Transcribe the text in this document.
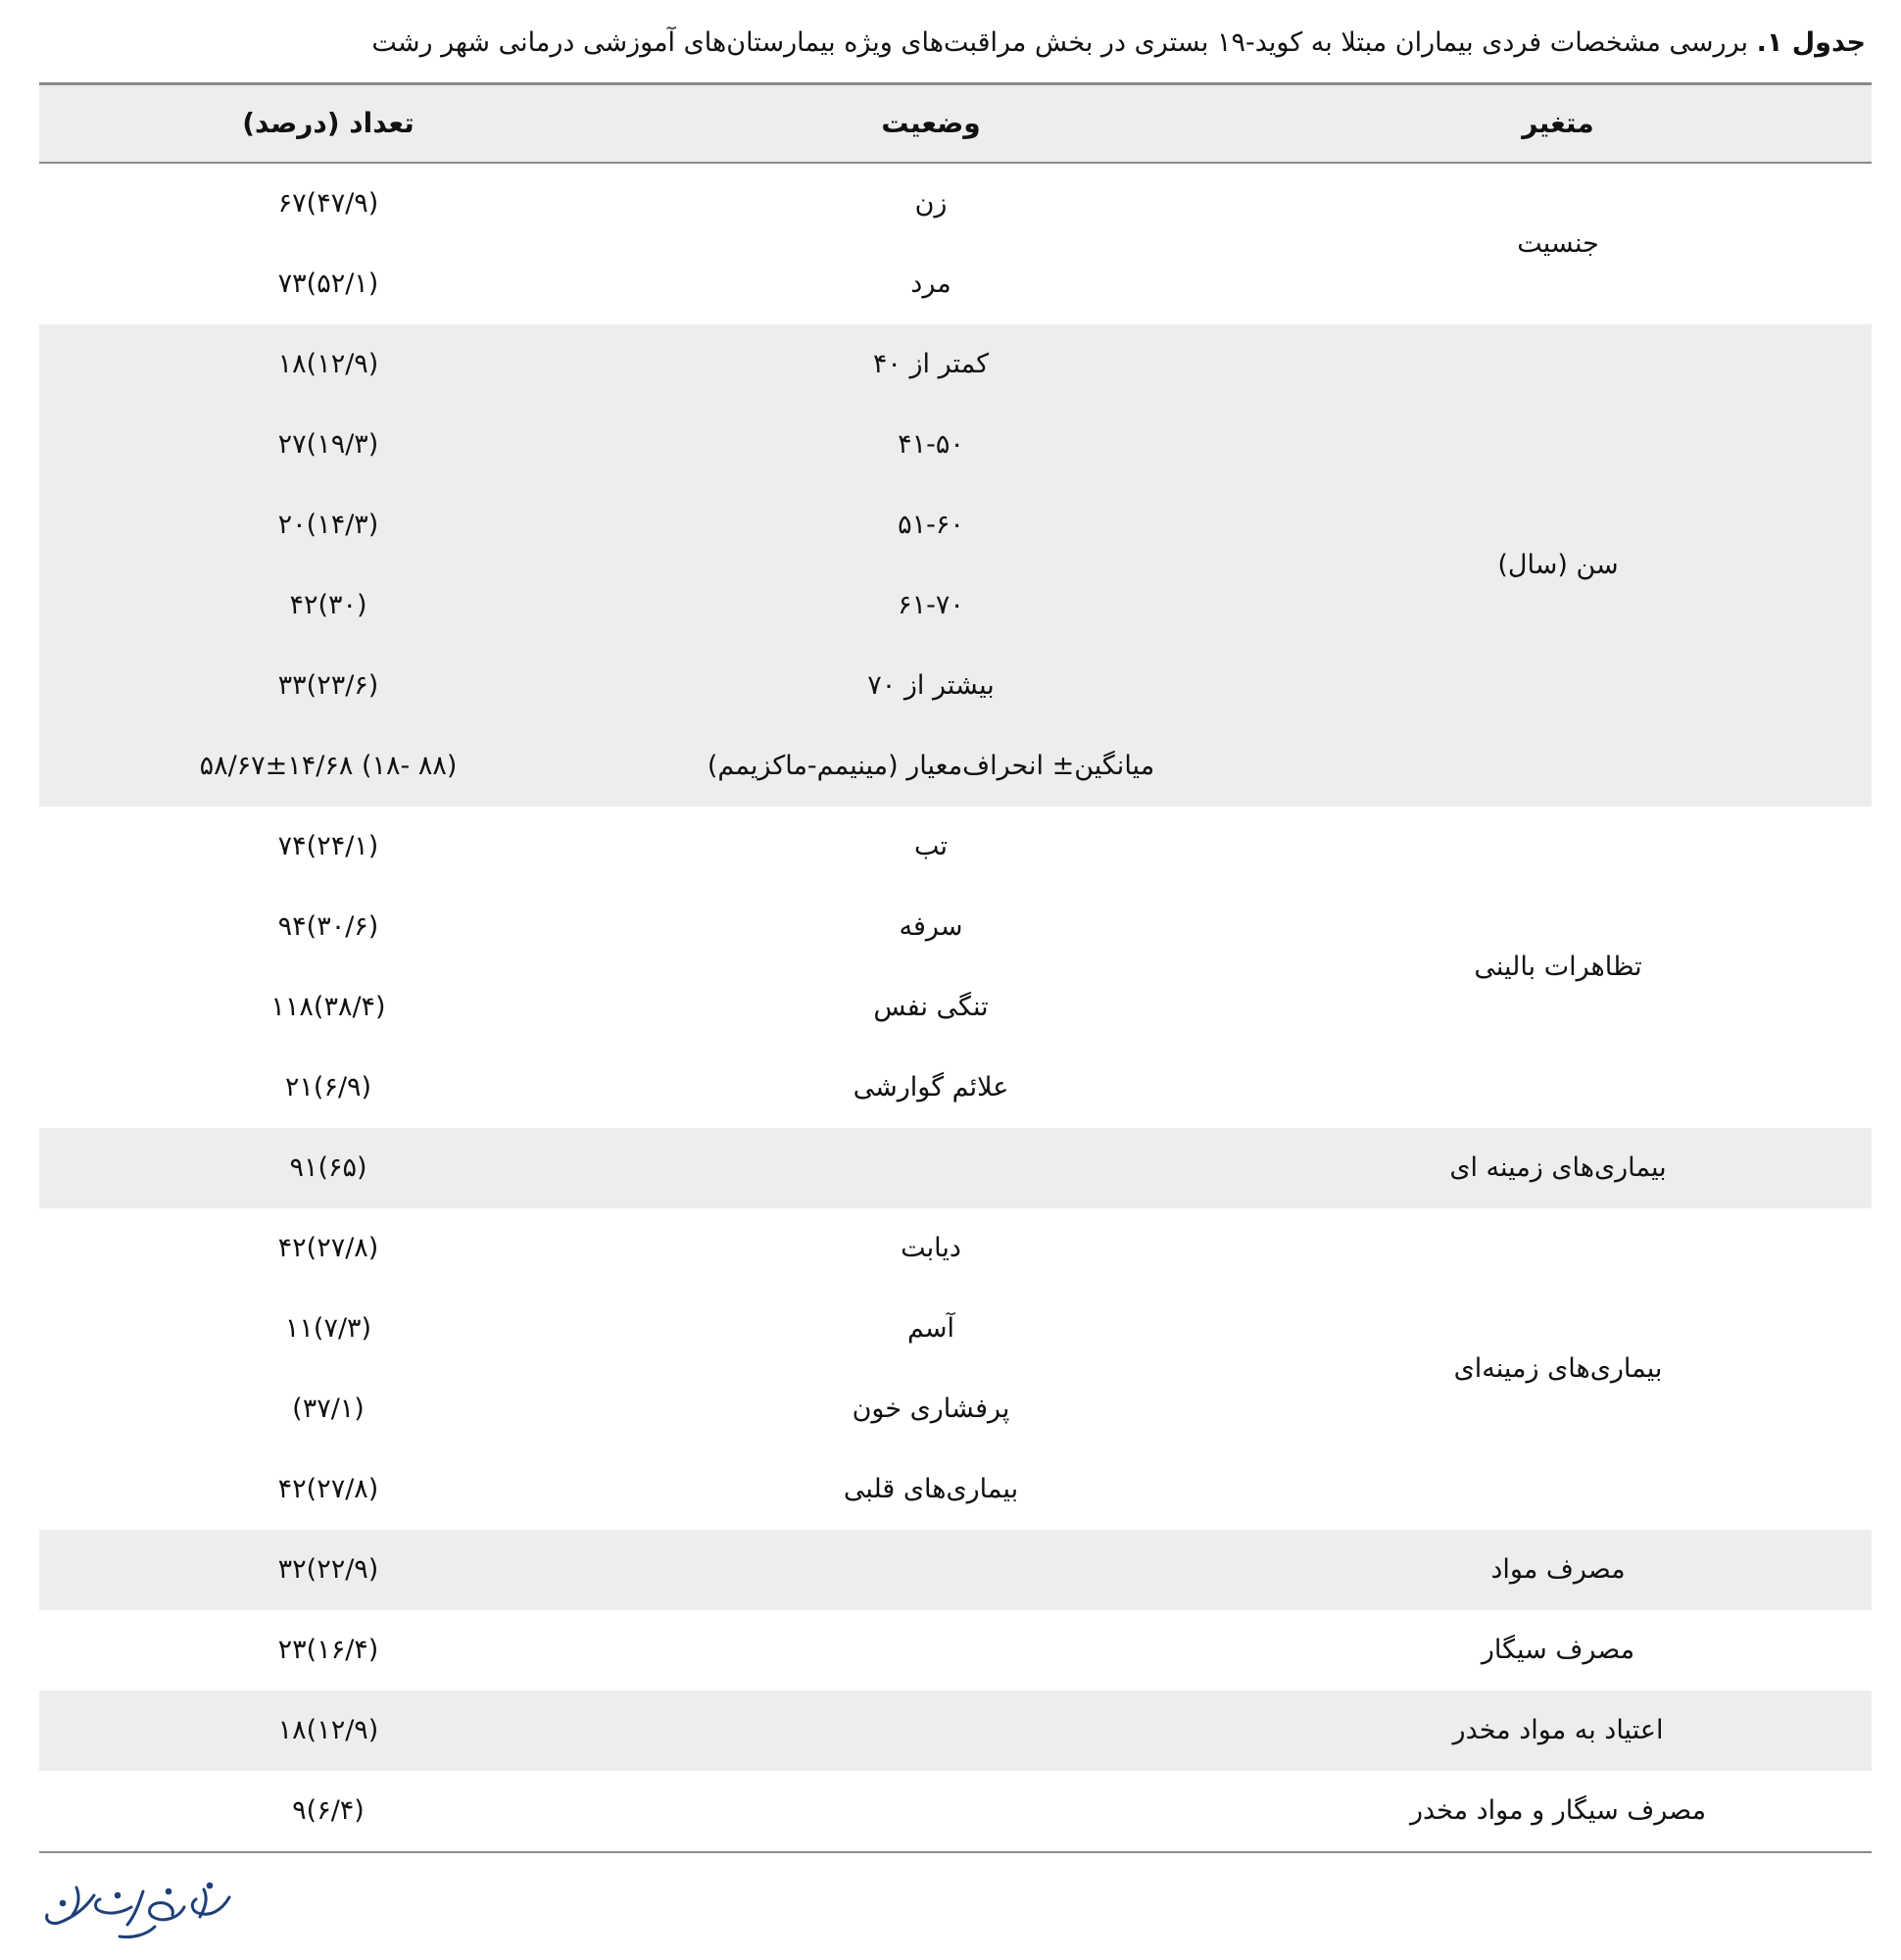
جدول ۱. بررسی مشخصات فردی بیماران مبتلا به کوید-۱۹ بستری در بخش مراقبت‌های ویژه بیمارستان‌های آموزشی درمانی شهر رشت
متغیر	وضعیت	تعداد (درصد)
جنسیت	زن	۶۷(۴۷/۹)
	مرد	۷۳(۵۲/۱)
سن (سال)	کمتر از ۴۰	۱۸(۱۲/۹)
	۴۱-۵۰	۲۷(۱۹/۳)
	۵۱-۶۰	۲۰(۱۴/۳)
	۶۱-۷۰	۴۲(۳۰)
	بیشتر از ۷۰	۳۳(۲۳/۶)
	میانگین± انحراف‌معیار (مینیمم-ماکزیمم)	۵۸/۶۷±۱۴/۶۸ (۱۸- ۸۸)
تظاهرات بالینی	تب	۷۴(۲۴/۱)
	سرفه	۹۴(۳۰/۶)
	تنگی نفس	۱۱۸(۳۸/۴)
	علائم گوارشی	۲۱(۶/۹)
بیماری‌های زمینه ای		۹۱(۶۵)
بیماری‌های زمینه‌ای	دیابت	۴۲(۲۷/۸)
	آسم	۱۱(۷/۳)
	پرفشاری خون	(۳۷/۱)
	بیماری‌های قلبی	۴۲(۲۷/۸)
مصرف مواد		۳۲(۲۲/۹)
مصرف سیگار		۲۳(۱۶/۴)
اعتیاد به مواد مخدر		۱۸(۱۲/۹)
مصرف سیگار و مواد مخدر		۹(۶/۴)
